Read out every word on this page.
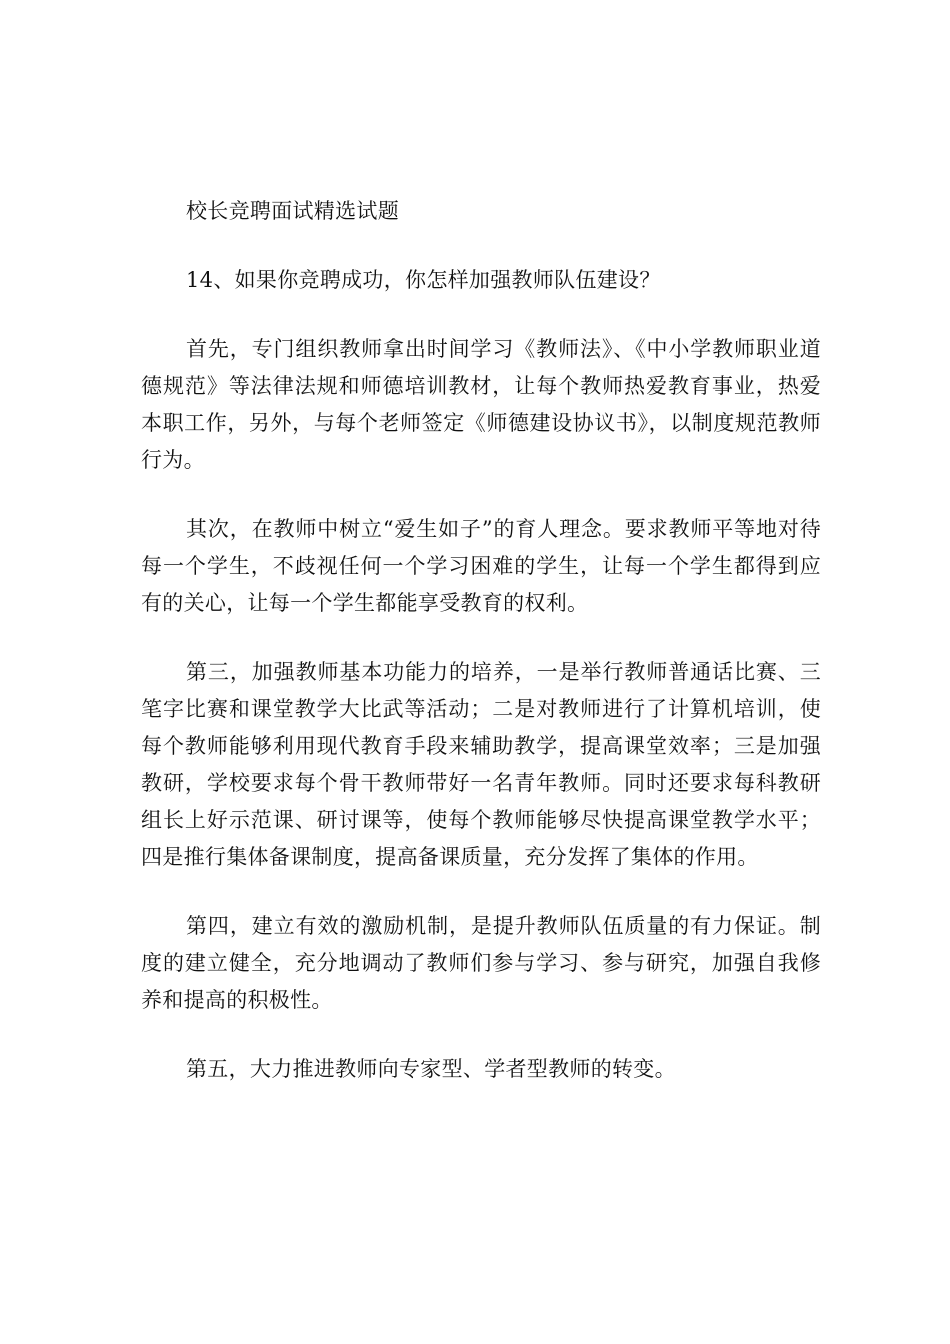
校长竞聘面试精选试题

14、如果你竞聘成功，你怎样加强教师队伍建设？

首先，专门组织教师拿出时间学习《教师法》、《中小学教师职业道德规范》等法律法规和师德培训教材，让每个教师热爱教育事业，热爱本职工作，另外，与每个老师签定《师德建设协议书》，以制度规范教师行为。

其次，在教师中树立“爱生如子”的育人理念。要求教师平等地对待每一个学生，不歧视任何一个学习困难的学生，让每一个学生都得到应有的关心，让每一个学生都能享受教育的权利。

第三，加强教师基本功能力的培养，一是举行教师普通话比赛、三笔字比赛和课堂教学大比武等活动；二是对教师进行了计算机培训，使每个教师能够利用现代教育手段来辅助教学，提高课堂效率；三是加强教研，学校要求每个骨干教师带好一名青年教师。同时还要求每科教研组长上好示范课、研讨课等，使每个教师能够尽快提高课堂教学水平；四是推行集体备课制度，提高备课质量，充分发挥了集体的作用。

第四，建立有效的激励机制，是提升教师队伍质量的有力保证。制度的建立健全，充分地调动了教师们参与学习、参与研究，加强自我修养和提高的积极性。

第五，大力推进教师向专家型、学者型教师的转变。
